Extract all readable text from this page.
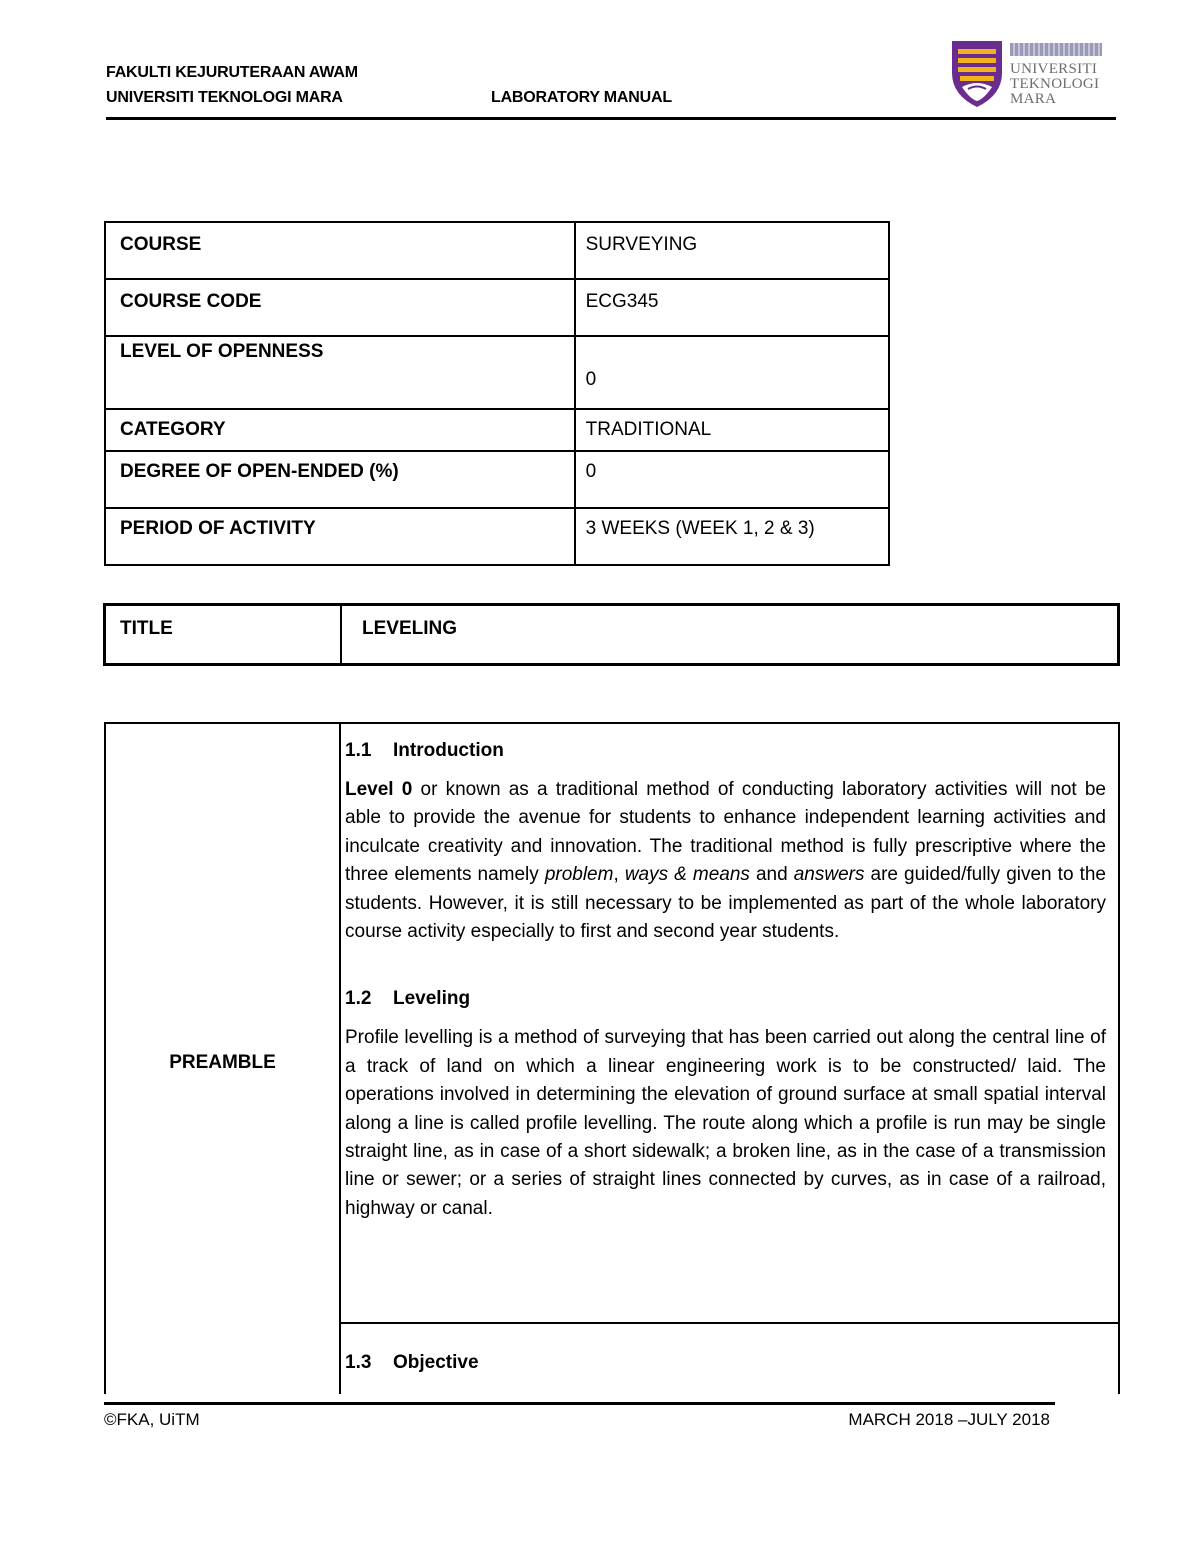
FAKULTI KEJURUTERAAN AWAM
UNIVERSITI TEKNOLOGI MARA	LABORATORY MANUAL
UNIVERSITI
TEKNOLOGI
MARA
COURSE	SURVEYING
COURSE CODE	ECG345
LEVEL OF OPENNESS	0
CATEGORY	TRADITIONAL
DEGREE OF OPEN-ENDED (%)	0
PERIOD OF ACTIVITY	3 WEEKS (WEEK 1, 2 & 3)
TITLE	LEVELING
PREAMBLE	

1.1 Introduction

Level 0 or known as a traditional method of conducting laboratory activities will not be able to provide the avenue for students to enhance independent learning activities and inculcate creativity and innovation. The traditional method is fully prescriptive where the three elements namely problem, ways & means and answers are guided/fully given to the students. However, it is still necessary to be implemented as part of the whole laboratory course activity especially to first and second year students.

1.2 Leveling

Profile levelling is a method of surveying that has been carried out along the central line of a track of land on which a linear engineering work is to be constructed/ laid. The operations involved in determining the elevation of ground surface at small spatial interval along a line is called profile levelling. The route along which a profile is run may be single straight line, as in case of a short sidewalk; a broken line, as in the case of a transmission line or sewer; or a series of straight lines connected by curves, as in case of a railroad, highway or canal.

1.3 Objective

©FKA, UiTM	MARCH 2018 –JULY 2018
